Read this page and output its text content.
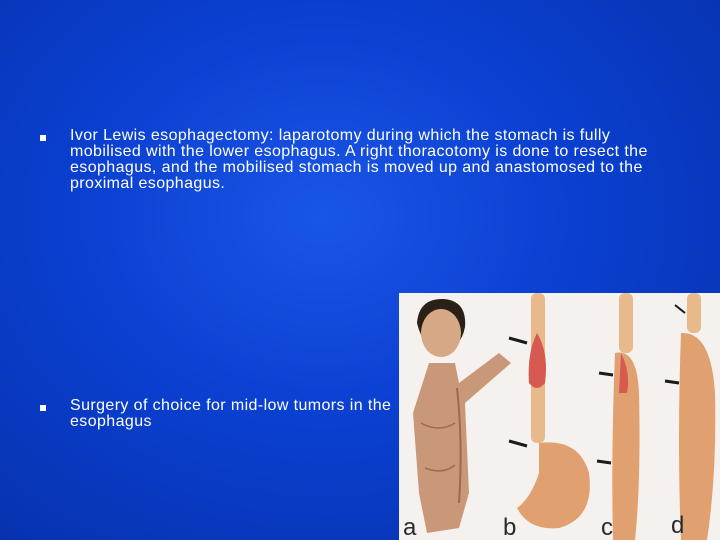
Ivor Lewis esophagectomy: laparotomy during which the stomach is fully mobilised with the lower esophagus. A right thoracotomy is done to resect the esophagus, and the mobilised stomach is moved up and anastomosed to the proximal esophagus.
Surgery of choice for mid-low tumors in the esophagus
a	b	c d
